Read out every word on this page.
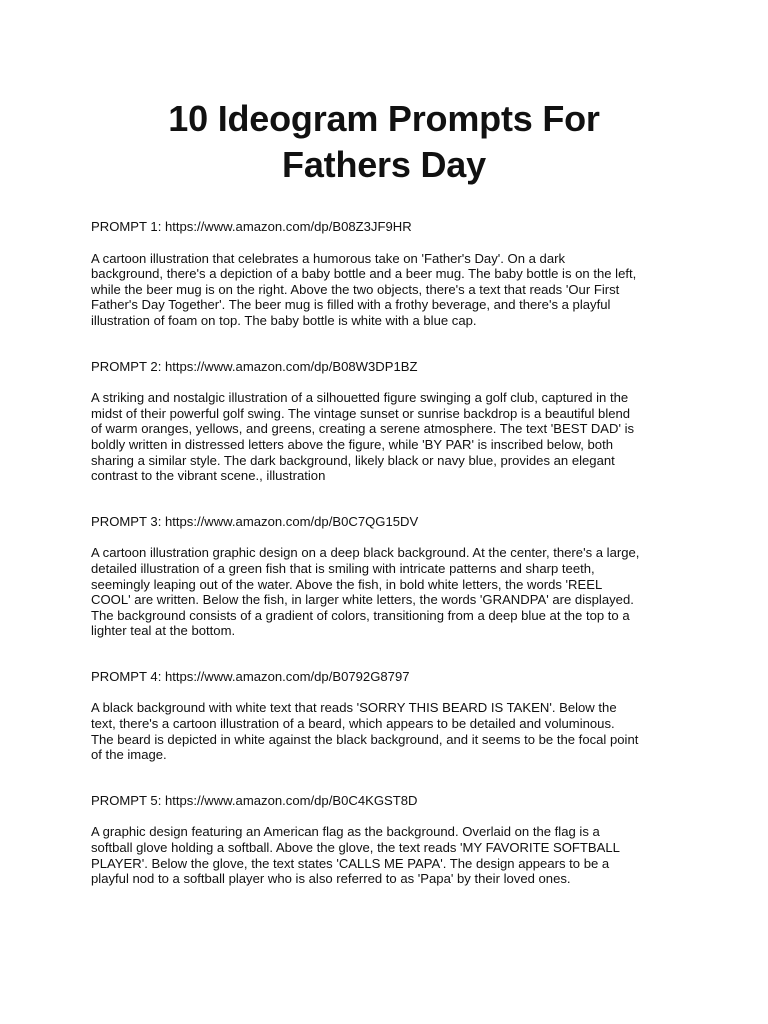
10 Ideogram Prompts For
Fathers Day

PROMPT 1: https://www.amazon.com/dp/B08Z3JF9HR

A cartoon illustration that celebrates a humorous take on 'Father's Day'. On a dark
background, there's a depiction of a baby bottle and a beer mug. The baby bottle is on the left,
while the beer mug is on the right. Above the two objects, there's a text that reads 'Our First
Father's Day Together'. The beer mug is filled with a frothy beverage, and there's a playful
illustration of foam on top. The baby bottle is white with a blue cap.

PROMPT 2: https://www.amazon.com/dp/B08W3DP1BZ

A striking and nostalgic illustration of a silhouetted figure swinging a golf club, captured in the
midst of their powerful golf swing. The vintage sunset or sunrise backdrop is a beautiful blend
of warm oranges, yellows, and greens, creating a serene atmosphere. The text 'BEST DAD' is
boldly written in distressed letters above the figure, while 'BY PAR' is inscribed below, both
sharing a similar style. The dark background, likely black or navy blue, provides an elegant
contrast to the vibrant scene., illustration

PROMPT 3: https://www.amazon.com/dp/B0C7QG15DV

A cartoon illustration graphic design on a deep black background. At the center, there's a large,
detailed illustration of a green fish that is smiling with intricate patterns and sharp teeth,
seemingly leaping out of the water. Above the fish, in bold white letters, the words 'REEL
COOL' are written. Below the fish, in larger white letters, the words 'GRANDPA' are displayed.
The background consists of a gradient of colors, transitioning from a deep blue at the top to a
lighter teal at the bottom.

PROMPT 4: https://www.amazon.com/dp/B0792G8797

A black background with white text that reads 'SORRY THIS BEARD IS TAKEN'. Below the
text, there's a cartoon illustration of a beard, which appears to be detailed and voluminous.
The beard is depicted in white against the black background, and it seems to be the focal point
of the image.

PROMPT 5: https://www.amazon.com/dp/B0C4KGST8D

A graphic design featuring an American flag as the background. Overlaid on the flag is a
softball glove holding a softball. Above the glove, the text reads 'MY FAVORITE SOFTBALL
PLAYER'. Below the glove, the text states 'CALLS ME PAPA'. The design appears to be a
playful nod to a softball player who is also referred to as 'Papa' by their loved ones.
